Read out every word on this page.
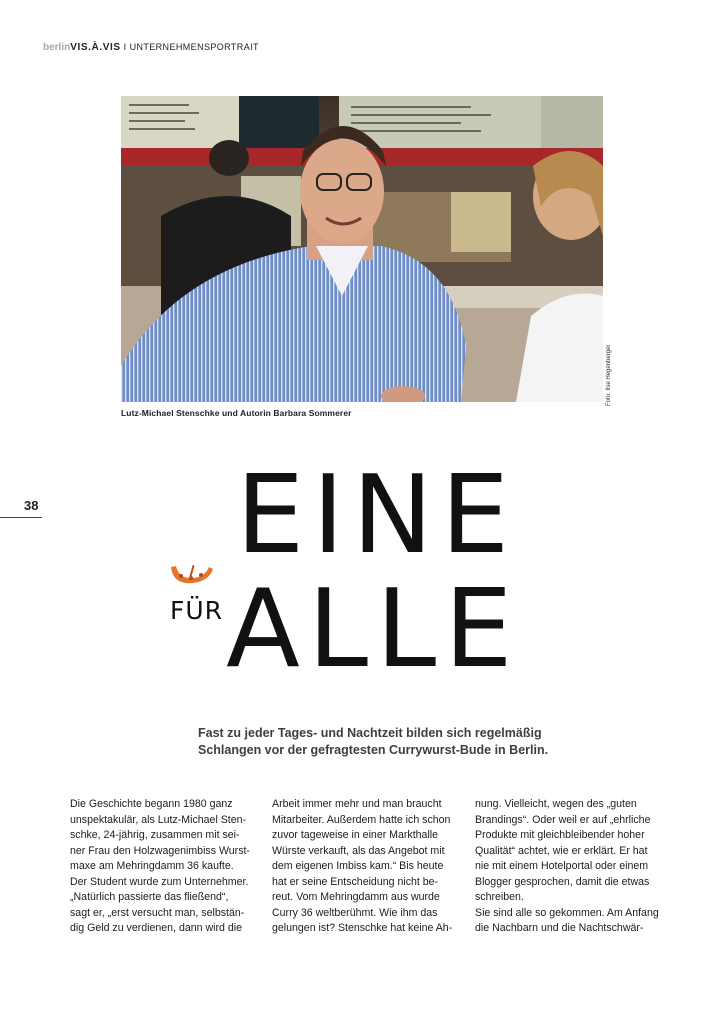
berlinVIS.À.VIS I UNTERNEHMENSPORTRAIT
Foto: Ilse Hegenberger
Lutz-Michael Stenschke und Autorin Barbara Sommerer
38 EINE
FÜR ALLE
Fast zu jeder Tages- und Nachtzeit bilden sich regelmäßig
Schlangen vor der gefragtesten Currywurst-Bude in Berlin.
Die Geschichte begann 1980 ganz
unspektakulär, als Lutz-Michael Sten-
schke, 24-jährig, zusammen mit sei-
ner Frau den Holzwagenimbiss Wurst-
maxe am Mehringdamm 36 kaufte.
Der Student wurde zum Unternehmer.
„Natürlich passierte das fließend“,
sagt er, „erst versucht man, selbstän-
dig Geld zu verdienen, dann wird die
Arbeit immer mehr und man braucht
Mitarbeiter. Außerdem hatte ich schon
zuvor tageweise in einer Markthalle
Würste verkauft, als das Angebot mit
dem eigenen Imbiss kam.“ Bis heute
hat er seine Entscheidung nicht be-
reut. Vom Mehringdamm aus wurde
Curry 36 weltberühmt. Wie ihm das
gelungen ist? Stenschke hat keine Ah-
nung. Vielleicht, wegen des „guten
Brandings“. Oder weil er auf „ehrliche
Produkte mit gleichbleibender hoher
Qualität“ achtet, wie er erklärt. Er hat
nie mit einem Hotelportal oder einem
Blogger gesprochen, damit die etwas
schreiben.
Sie sind alle so gekommen. Am Anfang
die Nachbarn und die Nachtschwär-
